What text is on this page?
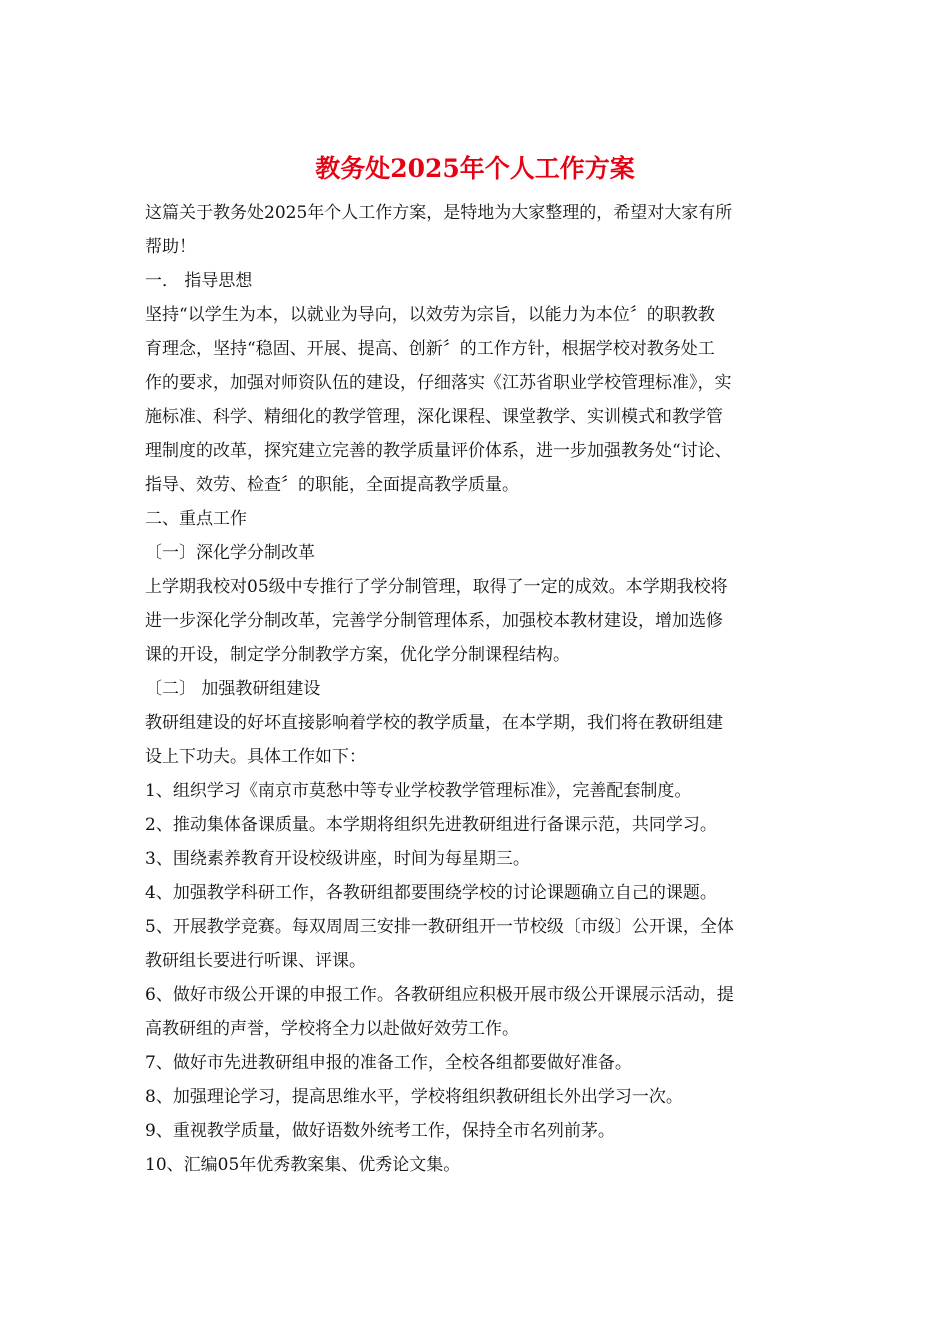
教务处2025年个人工作方案

这篇关于教务处2025年个人工作方案，是特地为大家整理的，希望对大家有所

帮助！

一． 指导思想

坚持“以学生为本，以就业为导向，以效劳为宗旨，以能力为本位〞的职教教

育理念，坚持“稳固、开展、提高、创新〞的工作方针，根据学校对教务处工

作的要求，加强对师资队伍的建设，仔细落实《江苏省职业学校管理标准》，实

施标准、科学、精细化的教学管理，深化课程、课堂教学、实训模式和教学管

理制度的改革，探究建立完善的教学质量评价体系，进一步加强教务处“讨论、

指导、效劳、检查〞的职能，全面提高教学质量。

二、重点工作

〔一〕深化学分制改革

上学期我校对05级中专推行了学分制管理，取得了一定的成效。本学期我校将

进一步深化学分制改革，完善学分制管理体系，加强校本教材建设，增加选修

课的开设，制定学分制教学方案，优化学分制课程结构。

〔二〕 加强教研组建设

教研组建设的好坏直接影响着学校的教学质量，在本学期，我们将在教研组建

设上下功夫。具体工作如下：

1、组织学习《南京市莫愁中等专业学校教学管理标准》，完善配套制度。

2、推动集体备课质量。本学期将组织先进教研组进行备课示范，共同学习。

3、围绕素养教育开设校级讲座，时间为每星期三。

4、加强教学科研工作，各教研组都要围绕学校的讨论课题确立自己的课题。

5、开展教学竞赛。每双周周三安排一教研组开一节校级〔市级〕公开课，全体

教研组长要进行听课、评课。

6、做好市级公开课的申报工作。各教研组应积极开展市级公开课展示活动，提

高教研组的声誉，学校将全力以赴做好效劳工作。

7、做好市先进教研组申报的准备工作，全校各组都要做好准备。

8、加强理论学习，提高思维水平，学校将组织教研组长外出学习一次。

9、重视教学质量，做好语数外统考工作，保持全市名列前茅。

10、汇编05年优秀教案集、优秀论文集。
